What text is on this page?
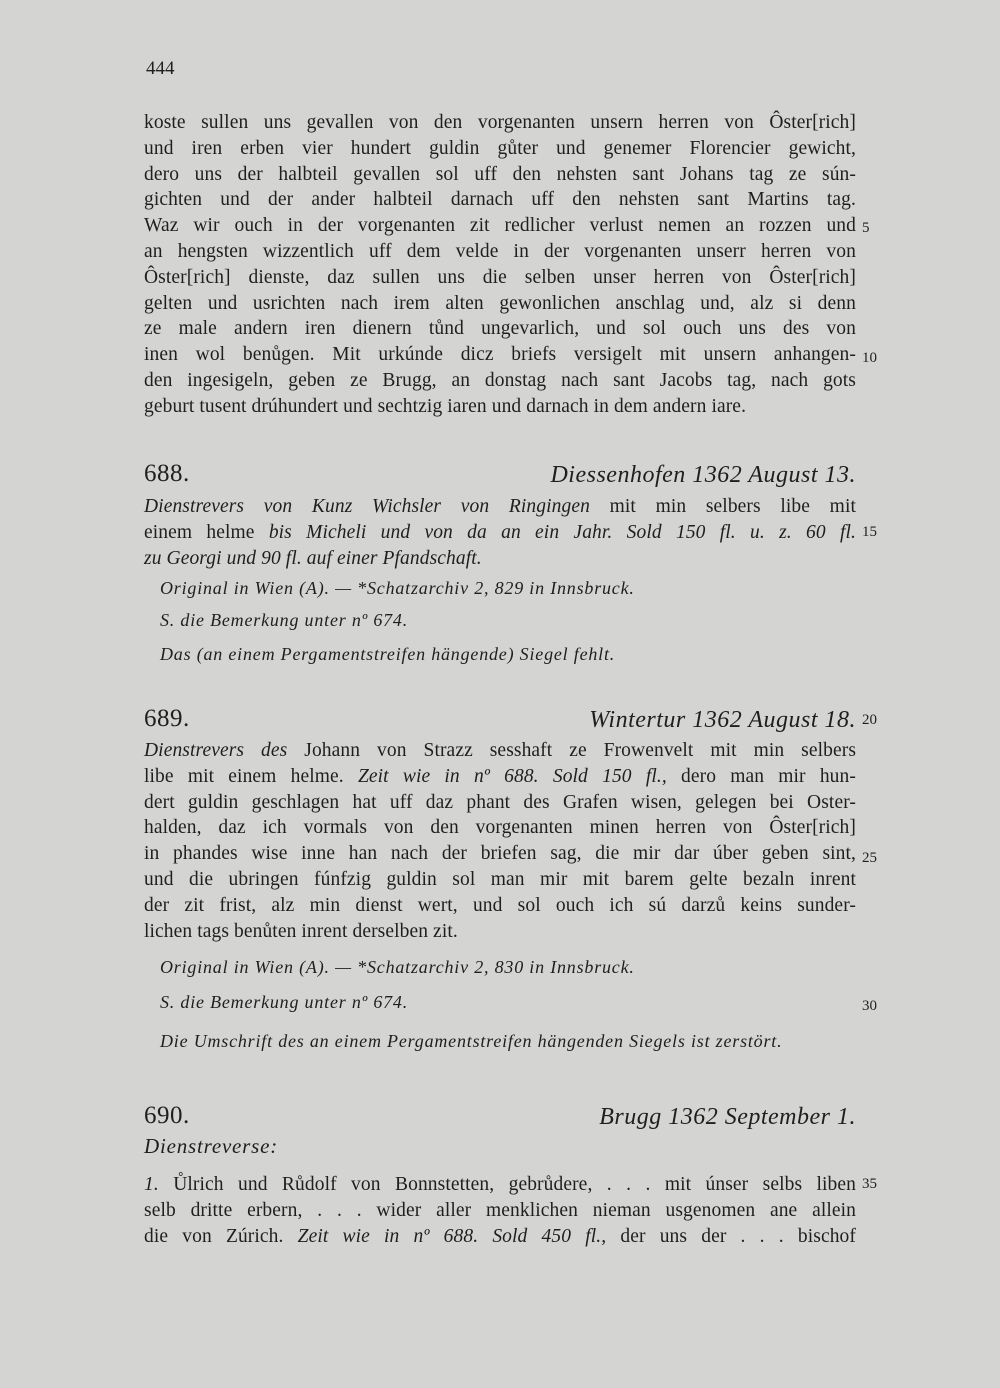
444
koste sullen uns gevallen von den vorgenanten unsern herren von Ôster[rich]
und iren erben vier hundert guldin gůter und genemer Florencier gewicht,
dero uns der halbteil gevallen sol uff den nehsten sant Johans tag ze sún-
gichten und der ander halbteil darnach uff den nehsten sant Martins tag.
Waz wir ouch in der vorgenanten zit redlicher verlust nemen an rozzen und
an hengsten wizzentlich uff dem velde in der vorgenanten unserr herren von
Ôster[rich] dienste, daz sullen uns die selben unser herren von Ôster[rich]
gelten und usrichten nach irem alten gewonlichen anschlag und, alz si denn
ze male andern iren dienern tůnd ungevarlich, und sol ouch uns des von
inen wol benůgen. Mit urkúnde dicz briefs versigelt mit unsern anhangen-
den ingesigeln, geben ze Brugg, an donstag nach sant Jacobs tag, nach gots
geburt tusent drúhundert und sechtzig iaren und darnach in dem andern iare.
688.	Diessenhofen 1362 August 13.
Dienstrevers von Kunz Wichsler von Ringingen mit min selbers libe mit
einem helme bis Micheli und von da an ein Jahr. Sold 150 fl. u. z. 60 fl.
zu Georgi und 90 fl. auf einer Pfandschaft.
Original in Wien (A). — *Schatzarchiv 2, 829 in Innsbruck.
S. die Bemerkung unter nº 674.
Das (an einem Pergamentstreifen hängende) Siegel fehlt.
689.	Wintertur 1362 August 18.
Dienstrevers des Johann von Strazz sesshaft ze Frowenvelt mit min selbers
libe mit einem helme. Zeit wie in nº 688. Sold 150 fl., dero man mir hun-
dert guldin geschlagen hat uff daz phant des Grafen wisen, gelegen bei Oster-
halden, daz ich vormals von den vorgenanten minen herren von Ôster[rich]
in phandes wise inne han nach der briefen sag, die mir dar úber geben sint,
und die ubringen fúnfzig guldin sol man mir mit barem gelte bezaln inrent
der zit frist, alz min dienst wert, und sol ouch ich sú darzů keins sunder-
lichen tags benůten inrent derselben zit.
Original in Wien (A). — *Schatzarchiv 2, 830 in Innsbruck.
S. die Bemerkung unter nº 674.
Die Umschrift des an einem Pergamentstreifen hängenden Siegels ist zerstört.
690.	Brugg 1362 September 1.
Dienstreverse:
1. Ůlrich und Růdolf von Bonnstetten, gebrůdere, . . . mit únser selbs liben
selb dritte erbern, . . . wider aller menklichen nieman usgenomen ane allein
die von Zúrich. Zeit wie in nº 688. Sold 450 fl., der uns der . . . bischof
5
10
15
20
25
30
35
